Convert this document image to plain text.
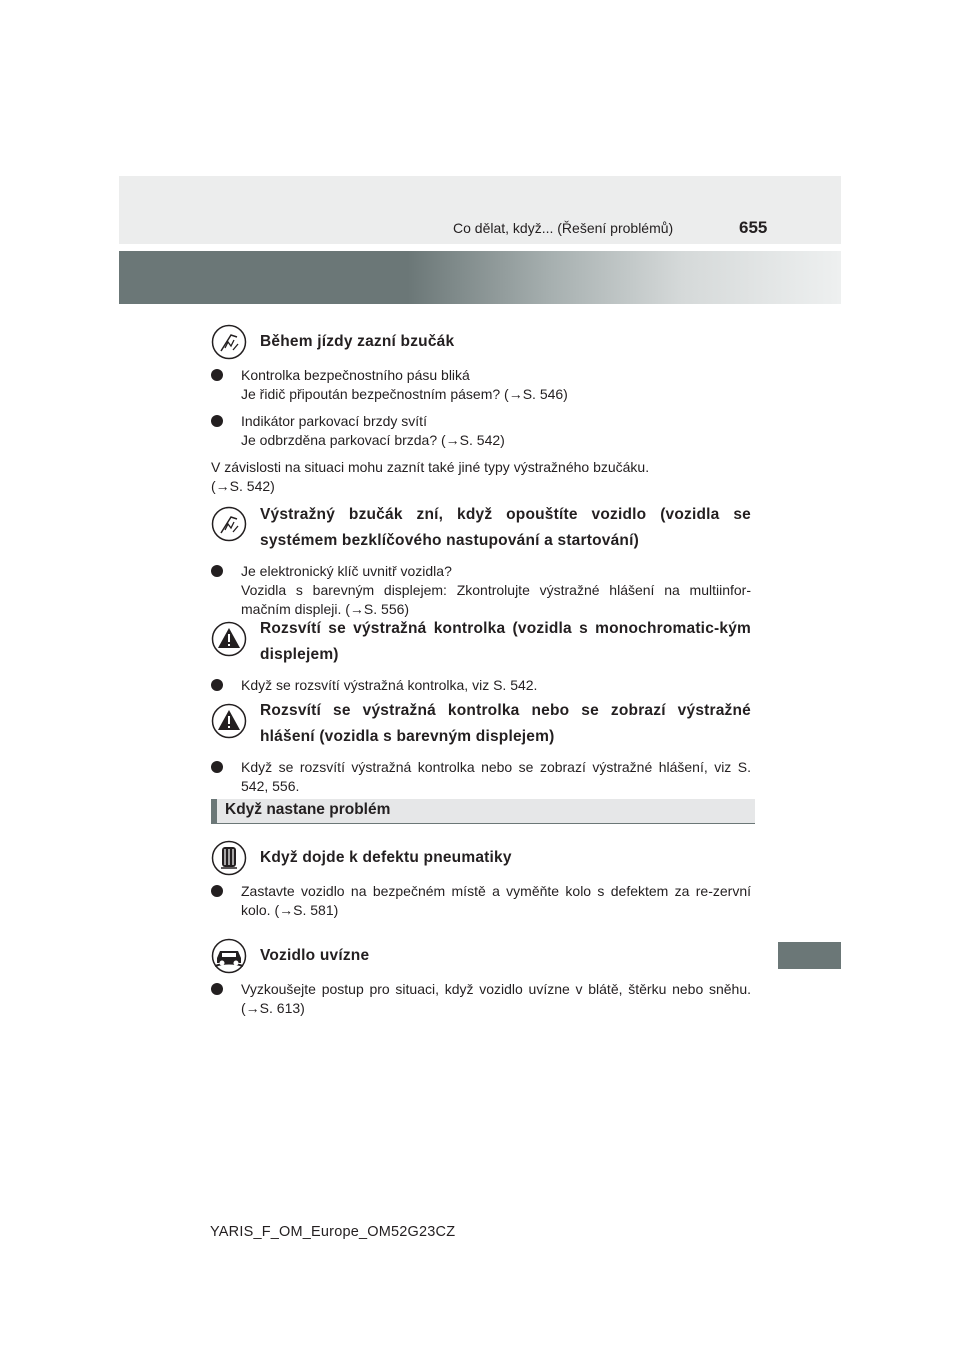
Co dělat, když... (Řešení problémů)	655
Během jízdy zazní bzučák
Kontrolka bezpečnostního pásu bliká
Je řidič připoután bezpečnostním pásem? (→S. 546)
Indikátor parkovací brzdy svítí
Je odbrzděna parkovací brzda? (→S. 542)
V závislosti na situaci mohu zaznít také jiné typy výstražného bzučáku.
(→S. 542)
Výstražný bzučák zní, když opouštíte vozidlo (vozidla se systémem bezklíčového nastupování a startování)
Je elektronický klíč uvnitř vozidla?
Vozidla s barevným displejem: Zkontrolujte výstražné hlášení na multiinfor-mačním displeji. (→S. 556)
Rozsvítí se výstražná kontrolka (vozidla s monochromatic-kým displejem)
Když se rozsvítí výstražná kontrolka, viz S. 542.
Rozsvítí se výstražná kontrolka nebo se zobrazí výstražné hlášení (vozidla s barevným displejem)
Když se rozsvítí výstražná kontrolka nebo se zobrazí výstražné hlášení, viz S. 542, 556.
Když nastane problém
Když dojde k defektu pneumatiky
Zastavte vozidlo na bezpečném místě a vyměňte kolo s defektem za re-zervní kolo. (→S. 581)
Vozidlo uvízne
Vyzkoušejte postup pro situaci, když vozidlo uvízne v blátě, štěrku nebo sněhu. (→S. 613)
YARIS_F_OM_Europe_OM52G23CZ
